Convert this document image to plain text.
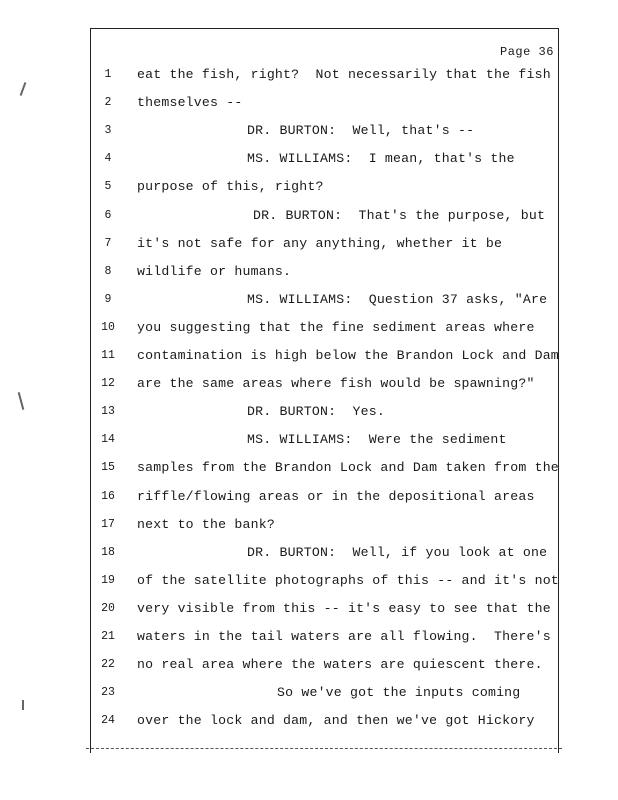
Page 36
1	eat the fish, right?  Not necessarily that the fish
2	themselves --
3	DR. BURTON:  Well, that's --
4	MS. WILLIAMS:  I mean, that's the
5	purpose of this, right?
6	DR. BURTON:  That's the purpose, but
7	it's not safe for any anything, whether it be
8	wildlife or humans.
9	MS. WILLIAMS:  Question 37 asks, "Are
10 you suggesting that the fine sediment areas where
11 contamination is high below the Brandon Lock and Dam
12 are the same areas where fish would be spawning?"
13	DR. BURTON:  Yes.
14	MS. WILLIAMS:  Were the sediment
15 samples from the Brandon Lock and Dam taken from the
16 riffle/flowing areas or in the depositional areas
17 next to the bank?
18	DR. BURTON:  Well, if you look at one
19 of the satellite photographs of this -- and it's not
20 very visible from this -- it's easy to see that the
21 waters in the tail waters are all flowing.  There's
22 no real area where the waters are quiescent there.
23	So we've got the inputs coming
24 over the lock and dam, and then we've got Hickory
